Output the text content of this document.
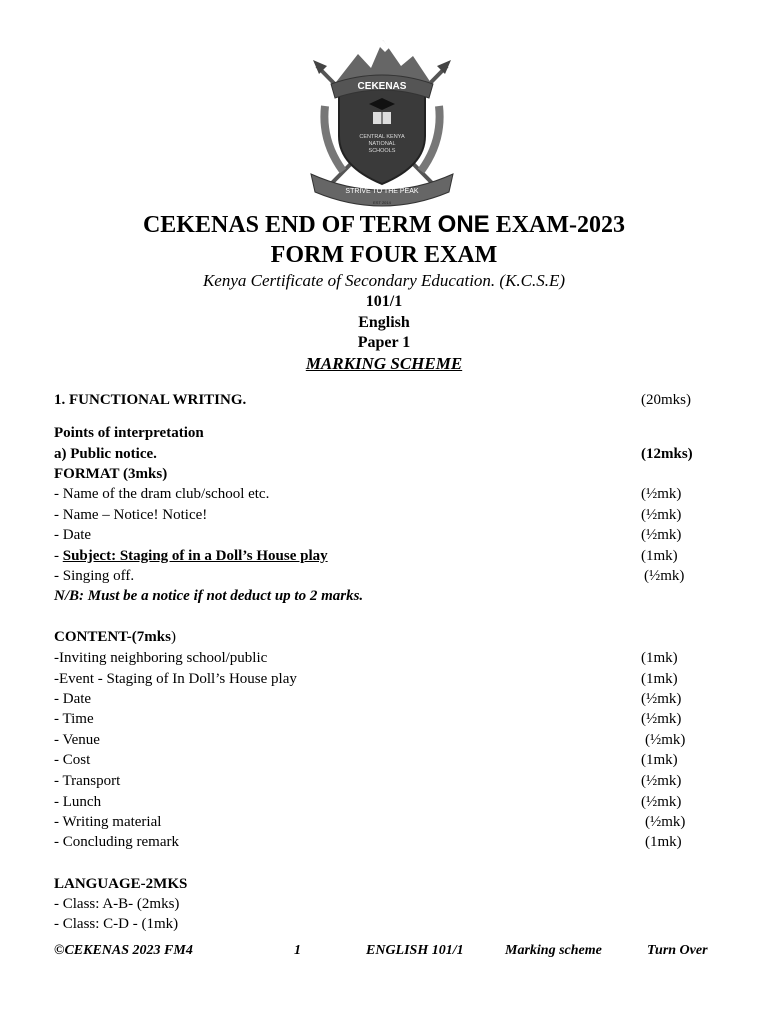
CEKENAS
CENTRAL KENYA
NATIONAL
SCHOOLS
STRIVE TO THE PEAK
EST 2014
CEKENAS END OF TERM ONE EXAM-2023
FORM FOUR EXAM
Kenya Certificate of Secondary Education. (K.C.S.E)
101/1
English
Paper 1
MARKING SCHEME
1. FUNCTIONAL WRITING.	(20mks)
Points of interpretation
a) Public notice.	(12mks)
FORMAT (3mks)
- Name of the dram club/school etc.	(½mk)
- Name – Notice! Notice!	(½mk)
- Date	(½mk)
- Subject: Staging of in a Doll’s House play	(1mk)
- Singing off.	(½mk)
N/B: Must be a notice if not deduct up to 2 marks.
CONTENT-(7mks)
-Inviting neighboring school/public	(1mk)
-Event - Staging of In Doll’s House play	(1mk)
- Date	(½mk)
- Time	(½mk)
- Venue	(½mk)
- Cost	(1mk)
- Transport	(½mk)
- Lunch	(½mk)
- Writing material	(½mk)
- Concluding remark	(1mk)
LANGUAGE-2MKS
- Class: A-B- (2mks)
- Class: C-D - (1mk)
©CEKENAS 2023 FM4	1	ENGLISH 101/1	Marking scheme	Turn Over
